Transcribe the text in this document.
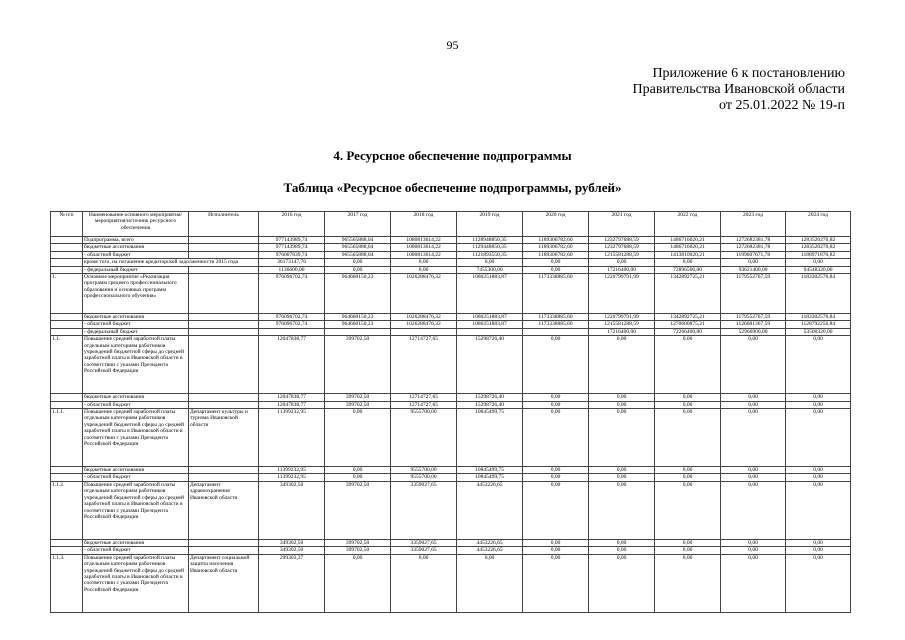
95
Приложение 6 к постановлению
Правительства Ивановской области
от 25.01.2022 № 19-п
4. Ресурсное обеспечение подпрограммы
Таблица «Ресурсное обеспечение подпрограммы, рублей»
№ п/п	Наименование основного мероприятия/мероприятия/источник ресурсного обеспечения	Исполнитель	2016 год	2017 год	2018 год	2019 год	2020 год	2021 год	2022 год	2023 год	2024 год
	Подпрограмма, всего		977143989,74	965565888,04	1080813614,22	1128948850,35	1189306782,60	1232797688,59	1486716020,21	1272682381,78	1283520270,82
	бюджетные ассигнования		977143989,74	965565888,04	1080813614,22	1129448850,35	1189306782,60	1232797688,59	1486716020,21	1272682381,78	1283520270,82
	- областной бюджет		976007839,74	965565888,04	1080813614,22	1121893550,35	1189306782,60	1215581288,59	1413810020,21	1199607671,78	1188971870,82
	кроме того, на погашение кредиторской задолженности 2015 года		36173147,76	0,00	0,00	0,00	0,00	0,00	0,00	0,00	0,00
	- федеральный бюджет		1136600,00	0,00	0,00	7455300,00	0,00	17216400,00	72896500,00	93621400,00	94548320,00
1.	Основное мероприятие «Реализация программ среднего профессионального образования и основных программ профессионального обучения»		976096702,74	964660150,23	1026288476,32	1080251883,87	1173338885,60	1220799791,99	1342892725,21	1179552767,59	1183302576,84
	бюджетные ассигнования		976096702,74	964660150,23	1026288476,32	1080251883,87	1173338885,60	1220799791,99	1342892725,21	1179552767,59	1183302576,84
	- областной бюджет		976096702,74	964660150,23	1026288476,32	1080251883,87	1173338885,60	1215581288,59	1270600875,21	1126681367,59	1128792256,84
	- федеральный бюджет							17216400,00	72266400,00	52966900,00	53500320,00
1.1.	Повышение средней заработной платы отдельным категориям работников учреждений бюджетной сферы до средней заработной платы в Ивановской области в соответствии с указами Президента Российской Федерации		12047838,77	399702,50	12714727,65	15298726,40	0,00	0,00	0,00	0,00	0,00
	бюджетные ассигнования		12047838,77	399702,50	12714727,65	15298726,40	0,00	0,00	0,00	0,00	0,00
	- областной бюджет		12047838,77	399702,50	12714727,65	15298726,40	0,00	0,00	0,00	0,00	0,00
1.1.1.	Повышение средней заработной платы отдельным категориям работников учреждений бюджетной сферы до средней заработной платы в Ивановской области в соответствии с указами Президента Российской Федерации	Департамент культуры и туризма Ивановской области	11399232,95	0,00	9555700,00	10845499,75	0,00	0,00	0,00	0,00	0,00
	бюджетные ассигнования		11399232,95	0,00	9555700,00	10845499,75	0,00	0,00	0,00	0,00	0,00
	- областной бюджет		11399232,95	0,00	9555700,00	10845499,75	0,00	0,00	0,00	0,00	0,00
1.1.2.	Повышение средней заработной платы отдельным категориям работников учреждений бюджетной сферы до средней заработной платы в Ивановской области в соответствии с указами Президента Российской Федерации	Департамент здравоохранения Ивановской области	349302,50	399702,50	3359027,65	4453226,65	0,00	0,00	0,00	0,00	0,00
	бюджетные ассигнования		349302,50	399702,50	3359027,65	4453226,65	0,00	0,00	0,00	0,00	0,00
	- областной бюджет		349302,50	399702,50	3359027,65	4453226,65	0,00	0,00	0,00	0,00	0,00
1.1.3.	Повышение средней заработной платы отдельным категориям работников учреждений бюджетной сферы до средней заработной платы в Ивановской области в соответствии с указами Президента Российской Федерации	Департамент социальной защиты населения Ивановской области	299303,37	0,00	0,00	0,00	0,00	0,00	0,00	0,00	0,00
